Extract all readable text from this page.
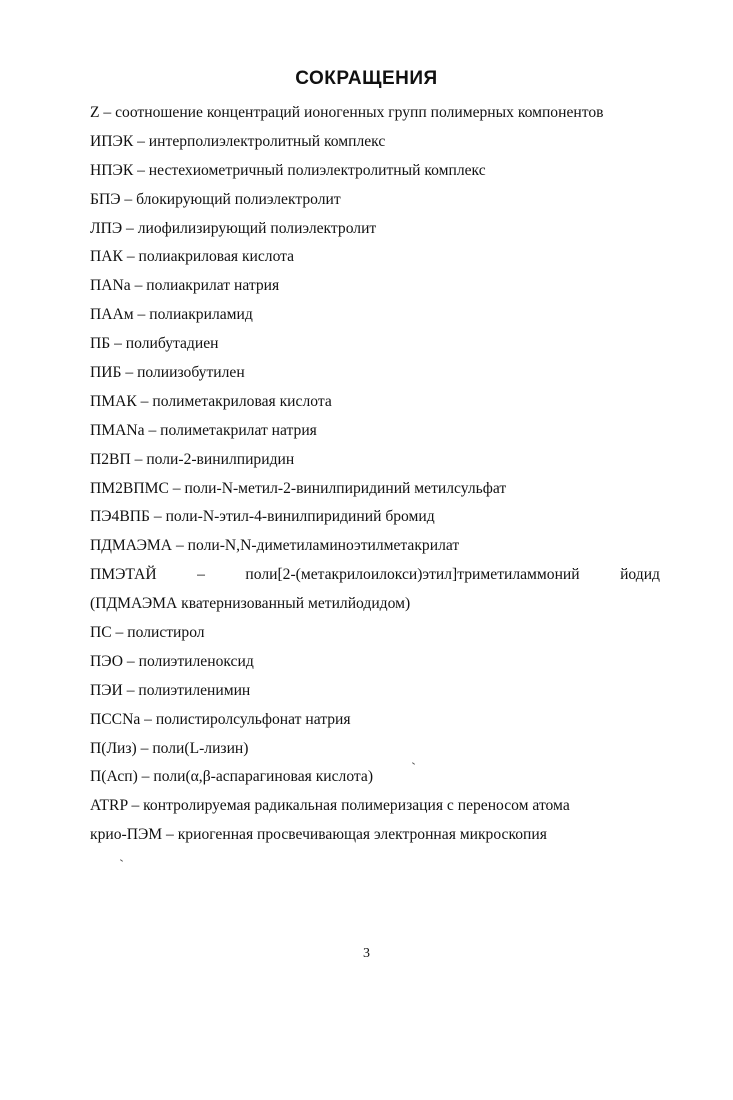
СОКРАЩЕНИЯ
Z – соотношение концентраций ионогенных групп полимерных компонентов
ИПЭК – интерполиэлектролитный комплекс
НПЭК – нестехиометричный полиэлектролитный комплекс
БПЭ – блокирующий полиэлектролит
ЛПЭ – лиофилизирующий полиэлектролит
ПАК – полиакриловая кислота
ПАNa – полиакрилат натрия
ПААм – полиакриламид
ПБ – полибутадиен
ПИБ – полиизобутилен
ПМАК – полиметакриловая кислота
ПМАNa – полиметакрилат натрия
П2ВП – поли-2-винилпиридин
ПМ2ВПМС – поли-N-метил-2-винилпиридиний метилсульфат
ПЭ4ВПБ – поли-N-этил-4-винилпиридиний бромид
ПДМАЭМА – поли-N,N-диметиламиноэтилметакрилат
ПМЭТАЙ	–	поли[2-(метакрилоилокси)этил]триметиламмоний	йодид
(ПДМАЭМА кватернизованный метилйодидом)
ПС – полистирол
ПЭО – полиэтиленоксид
ПЭИ – полиэтиленимин
ПССNa – полистиролсульфонат натрия
П(Лиз) – поли(L-лизин)
П(Асп) – поли(α,β-аспарагиновая кислота)
ATRP – контролируемая радикальная полимеризация с переносом атома
крио-ПЭМ – криогенная просвечивающая электронная микроскопия
3
